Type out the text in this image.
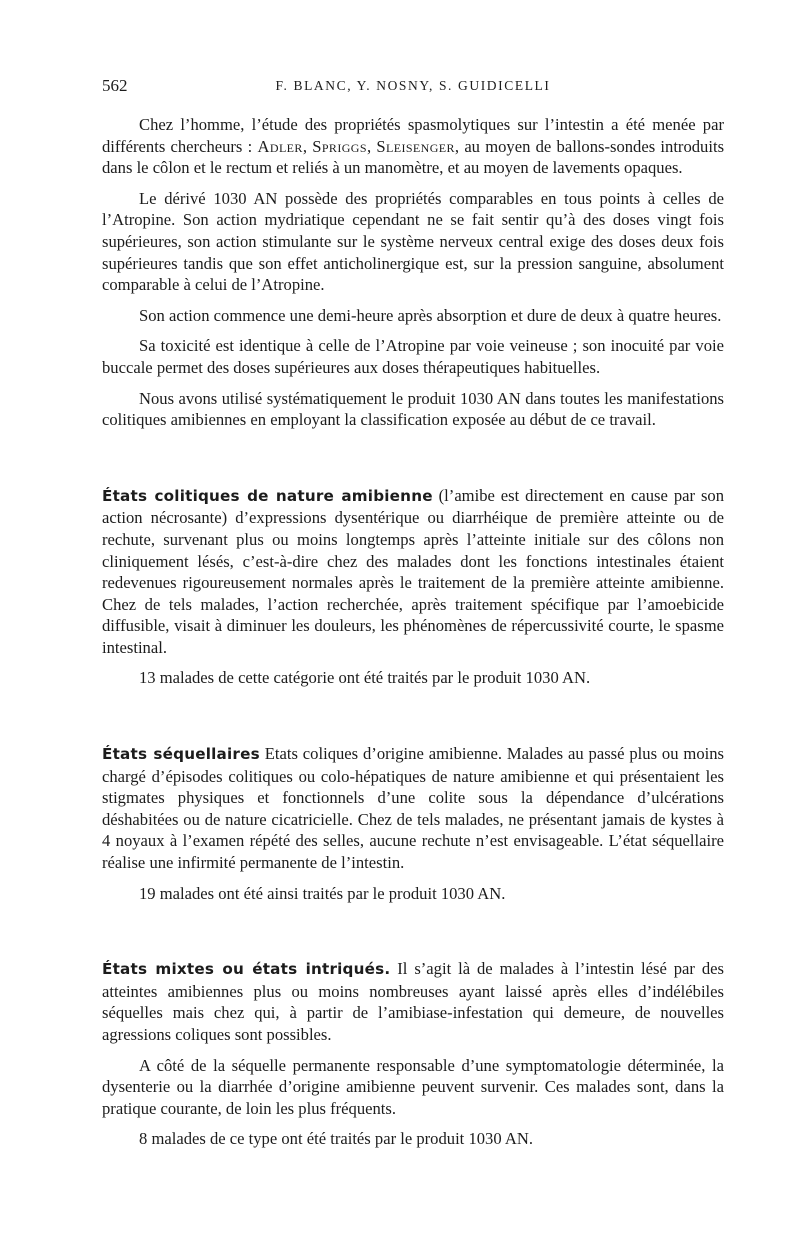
562	F. BLANC, Y. NOSNY, S. GUIDICELLI

Chez l’homme, l’étude des propriétés spasmolytiques sur l’intestin a été menée par différents chercheurs : Adler, Spriggs, Sleisenger, au moyen de ballons-sondes introduits dans le côlon et le rectum et reliés à un manomètre, et au moyen de lavements opaques.

Le dérivé 1030 AN possède des propriétés comparables en tous points à celles de l’Atropine. Son action mydriatique cependant ne se fait sentir qu’à des doses vingt fois supérieures, son action stimulante sur le système nerveux central exige des doses deux fois supérieures tandis que son effet anticholinergique est, sur la pression sanguine, absolument comparable à celui de l’Atropine.

Son action commence une demi-heure après absorption et dure de deux à quatre heures.

Sa toxicité est identique à celle de l’Atropine par voie veineuse ; son inocuité par voie buccale permet des doses supérieures aux doses thérapeutiques habituelles.

Nous avons utilisé systématiquement le produit 1030 AN dans toutes les manifestations colitiques amibiennes en employant la classification exposée au début de ce travail.

États colitiques de nature amibienne (l’amibe est directement en cause par son action nécrosante) d’expressions dysentérique ou diarrhéique de première atteinte ou de rechute, survenant plus ou moins longtemps après l’atteinte initiale sur des côlons non cliniquement lésés, c’est-à-dire chez des malades dont les fonctions intestinales étaient redevenues rigoureusement normales après le traitement de la première atteinte amibienne. Chez de tels malades, l’action recherchée, après traitement spécifique par l’amoebicide diffusible, visait à diminuer les douleurs, les phénomènes de répercussivité courte, le spasme intestinal.

13 malades de cette catégorie ont été traités par le produit 1030 AN.

États séquellaires Etats coliques d’origine amibienne. Malades au passé plus ou moins chargé d’épisodes colitiques ou colo-hépatiques de nature amibienne et qui présentaient les stigmates physiques et fonctionnels d’une colite sous la dépendance d’ulcérations déshabitées ou de nature cicatricielle. Chez de tels malades, ne présentant jamais de kystes à 4 noyaux à l’examen répété des selles, aucune rechute n’est envisageable. L’état séquellaire réalise une infirmité permanente de l’intestin.

19 malades ont été ainsi traités par le produit 1030 AN.

États mixtes ou états intriqués. Il s’agit là de malades à l’intestin lésé par des atteintes amibiennes plus ou moins nombreuses ayant laissé après elles d’indélébiles séquelles mais chez qui, à partir de l’amibiase-infestation qui demeure, de nouvelles agressions coliques sont possibles.

A côté de la séquelle permanente responsable d’une symptomatologie déterminée, la dysenterie ou la diarrhée d’origine amibienne peuvent survenir. Ces malades sont, dans la pratique courante, de loin les plus fréquents.

8 malades de ce type ont été traités par le produit 1030 AN.
